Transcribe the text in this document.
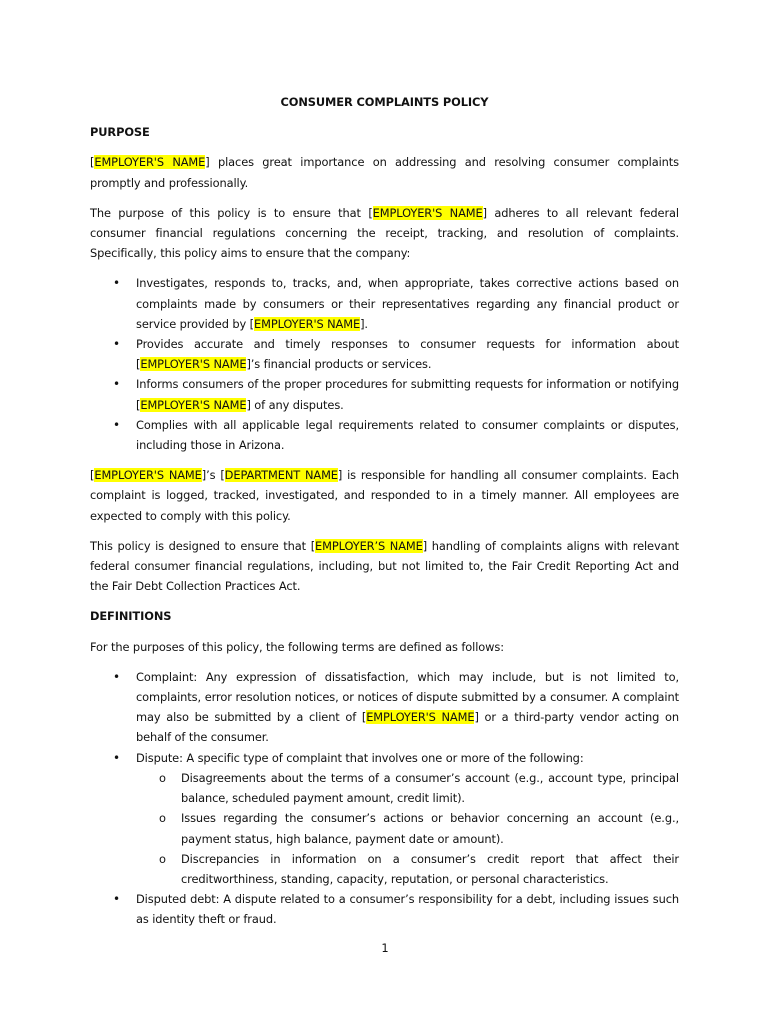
CONSUMER COMPLAINTS POLICY
PURPOSE

[EMPLOYER'S NAME] places great importance on addressing and resolving consumer complaints promptly and professionally.

The purpose of this policy is to ensure that [EMPLOYER'S NAME] adheres to all relevant federal consumer financial regulations concerning the receipt, tracking, and resolution of complaints. Specifically, this policy aims to ensure that the company:

• Investigates, responds to, tracks, and, when appropriate, takes corrective actions based on complaints made by consumers or their representatives regarding any financial product or service provided by [EMPLOYER'S NAME].
• Provides accurate and timely responses to consumer requests for information about [EMPLOYER'S NAME]’s financial products or services.
• Informs consumers of the proper procedures for submitting requests for information or notifying [EMPLOYER'S NAME] of any disputes.
• Complies with all applicable legal requirements related to consumer complaints or disputes, including those in Arizona.

[EMPLOYER'S NAME]’s [DEPARTMENT NAME] is responsible for handling all consumer complaints. Each complaint is logged, tracked, investigated, and responded to in a timely manner. All employees are expected to comply with this policy.

This policy is designed to ensure that [EMPLOYER’S NAME] handling of complaints aligns with relevant federal consumer financial regulations, including, but not limited to, the Fair Credit Reporting Act and the Fair Debt Collection Practices Act.

DEFINITIONS

For the purposes of this policy, the following terms are defined as follows:

• Complaint: Any expression of dissatisfaction, which may include, but is not limited to, complaints, error resolution notices, or notices of dispute submitted by a consumer. A complaint may also be submitted by a client of [EMPLOYER'S NAME] or a third-party vendor acting on behalf of the consumer.
• Dispute: A specific type of complaint that involves one or more of the following:
o Disagreements about the terms of a consumer’s account (e.g., account type, principal balance, scheduled payment amount, credit limit).
o Issues regarding the consumer’s actions or behavior concerning an account (e.g., payment status, high balance, payment date or amount).
o Discrepancies in information on a consumer’s credit report that affect their creditworthiness, standing, capacity, reputation, or personal characteristics.
• Disputed debt: A dispute related to a consumer’s responsibility for a debt, including issues such as identity theft or fraud.
1
